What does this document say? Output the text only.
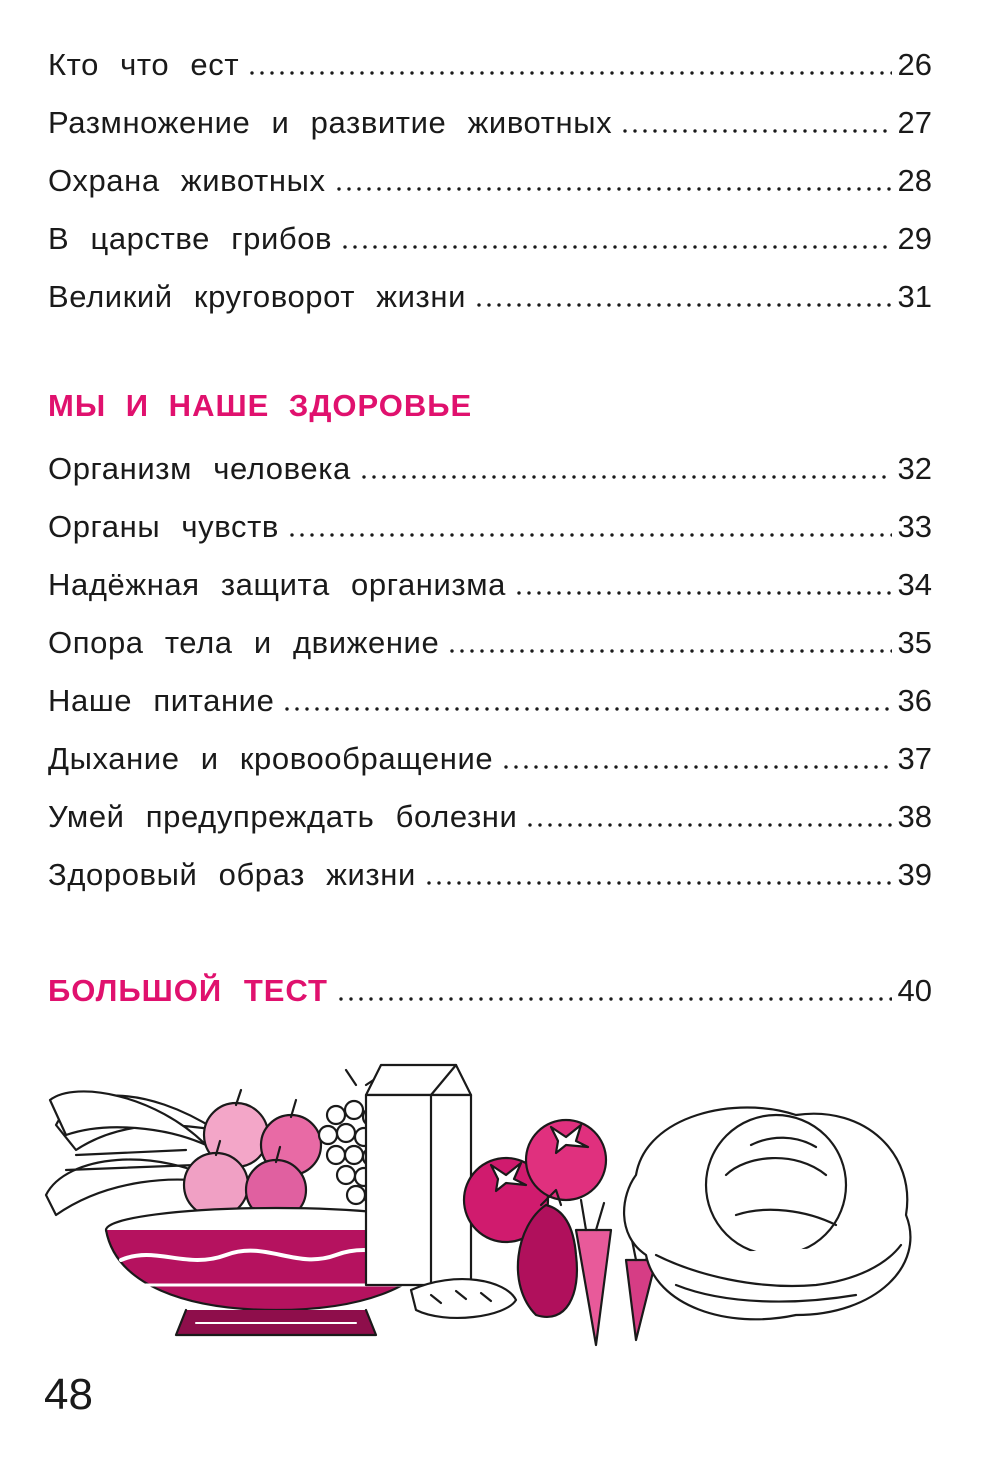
Кто что ест	26
Размножение и развитие животных	27
Охрана животных	28
В царстве грибов	29
Великий круговорот жизни	31
МЫ И НАШЕ ЗДОРОВЬЕ
Организм человека	32
Органы чувств	33
Надёжная защита организма	34
Опора тела и движение	35
Наше питание	36
Дыхание и кровообращение	37
Умей предупреждать болезни	38
Здоровый образ жизни	39
БОЛЬШОЙ ТЕСТ	40
48
